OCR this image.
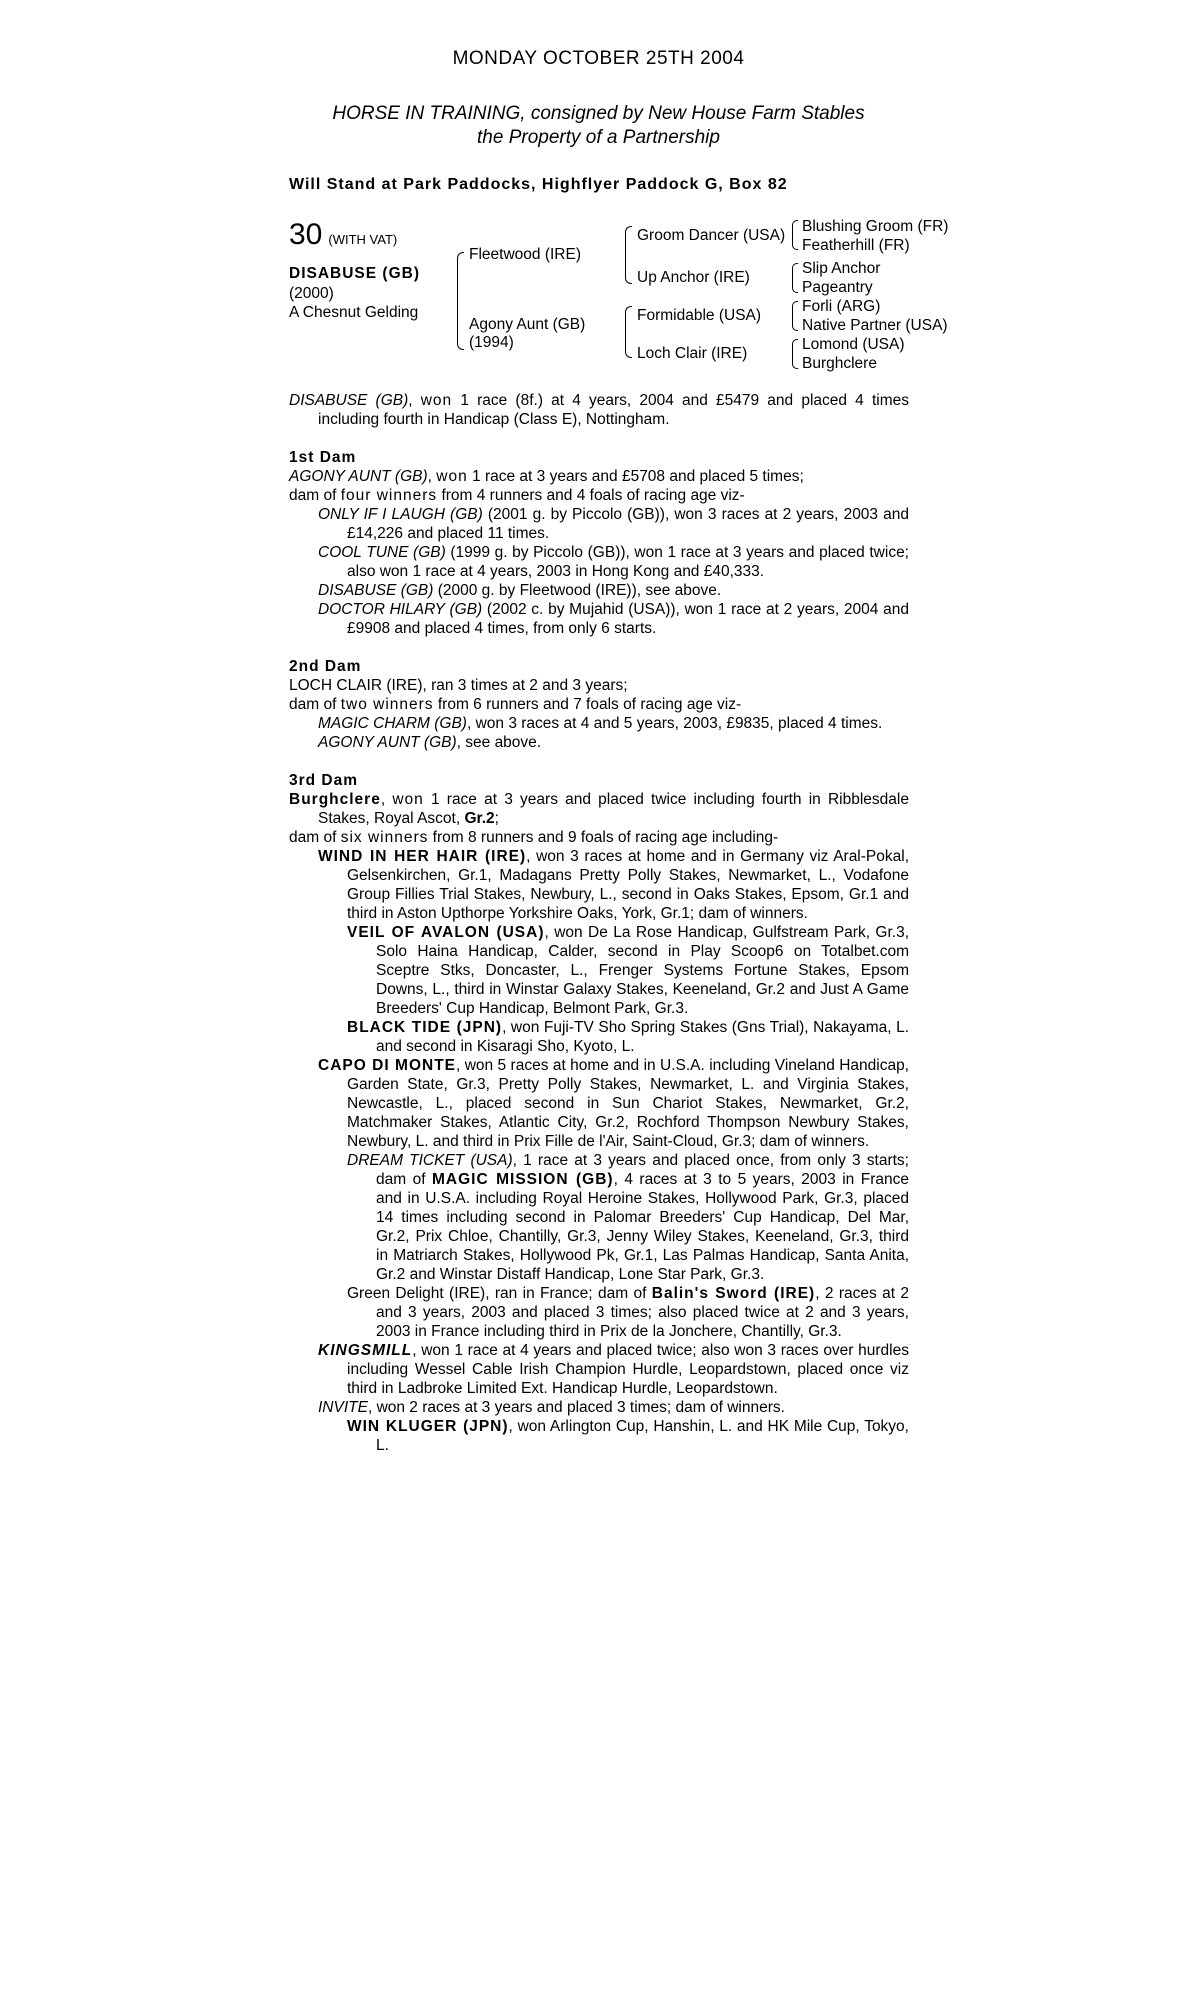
MONDAY OCTOBER 25TH 2004
HORSE IN TRAINING, consigned by New House Farm Stables
the Property of a Partnership
Will Stand at Park Paddocks, Highflyer Paddock G, Box 82
30 (WITH VAT)
DISABUSE (GB)
(2000)
A Chesnut Gelding
Fleetwood (IRE)
Agony Aunt (GB)
(1994)
Groom Dancer (USA)
Up Anchor (IRE)
Formidable (USA)
Loch Clair (IRE)
Blushing Groom (FR)
Featherhill (FR)
Slip Anchor
Pageantry
Forli (ARG)
Native Partner (USA)
Lomond (USA)
Burghclere

DISABUSE (GB), won 1 race (8f.) at 4 years, 2004 and £5479 and placed 4 times including fourth in Handicap (Class E), Nottingham.

1st Dam

AGONY AUNT (GB), won 1 race at 3 years and £5708 and placed 5 times;

dam of four winners from 4 runners and 4 foals of racing age viz-

ONLY IF I LAUGH (GB) (2001 g. by Piccolo (GB)), won 3 races at 2 years, 2003 and £14,226 and placed 11 times.

COOL TUNE (GB) (1999 g. by Piccolo (GB)), won 1 race at 3 years and placed twice; also won 1 race at 4 years, 2003 in Hong Kong and £40,333.

DISABUSE (GB) (2000 g. by Fleetwood (IRE)), see above.

DOCTOR HILARY (GB) (2002 c. by Mujahid (USA)), won 1 race at 2 years, 2004 and £9908 and placed 4 times, from only 6 starts.

2nd Dam

LOCH CLAIR (IRE), ran 3 times at 2 and 3 years;

dam of two winners from 6 runners and 7 foals of racing age viz-

MAGIC CHARM (GB), won 3 races at 4 and 5 years, 2003, £9835, placed 4 times.

AGONY AUNT (GB), see above.

3rd Dam

Burghclere, won 1 race at 3 years and placed twice including fourth in Ribblesdale Stakes, Royal Ascot, Gr.2;

dam of six winners from 8 runners and 9 foals of racing age including-

WIND IN HER HAIR (IRE), won 3 races at home and in Germany viz Aral-Pokal, Gelsenkirchen, Gr.1, Madagans Pretty Polly Stakes, Newmarket, L., Vodafone Group Fillies Trial Stakes, Newbury, L., second in Oaks Stakes, Epsom, Gr.1 and third in Aston Upthorpe Yorkshire Oaks, York, Gr.1; dam of winners.

VEIL OF AVALON (USA), won De La Rose Handicap, Gulfstream Park, Gr.3, Solo Haina Handicap, Calder, second in Play Scoop6 on Totalbet.com Sceptre Stks, Doncaster, L., Frenger Systems Fortune Stakes, Epsom Downs, L., third in Winstar Galaxy Stakes, Keeneland, Gr.2 and Just A Game Breeders' Cup Handicap, Belmont Park, Gr.3.

BLACK TIDE (JPN), won Fuji-TV Sho Spring Stakes (Gns Trial), Nakayama, L. and second in Kisaragi Sho, Kyoto, L.

CAPO DI MONTE, won 5 races at home and in U.S.A. including Vineland Handicap, Garden State, Gr.3, Pretty Polly Stakes, Newmarket, L. and Virginia Stakes, Newcastle, L., placed second in Sun Chariot Stakes, Newmarket, Gr.2, Matchmaker Stakes, Atlantic City, Gr.2, Rochford Thompson Newbury Stakes, Newbury, L. and third in Prix Fille de l'Air, Saint-Cloud, Gr.3; dam of winners.

DREAM TICKET (USA), 1 race at 3 years and placed once, from only 3 starts; dam of MAGIC MISSION (GB), 4 races at 3 to 5 years, 2003 in France and in U.S.A. including Royal Heroine Stakes, Hollywood Park, Gr.3, placed 14 times including second in Palomar Breeders' Cup Handicap, Del Mar, Gr.2, Prix Chloe, Chantilly, Gr.3, Jenny Wiley Stakes, Keeneland, Gr.3, third in Matriarch Stakes, Hollywood Pk, Gr.1, Las Palmas Handicap, Santa Anita, Gr.2 and Winstar Distaff Handicap, Lone Star Park, Gr.3.

Green Delight (IRE), ran in France; dam of Balin's Sword (IRE), 2 races at 2 and 3 years, 2003 and placed 3 times; also placed twice at 2 and 3 years, 2003 in France including third in Prix de la Jonchere, Chantilly, Gr.3.

KINGSMILL, won 1 race at 4 years and placed twice; also won 3 races over hurdles including Wessel Cable Irish Champion Hurdle, Leopardstown, placed once viz third in Ladbroke Limited Ext. Handicap Hurdle, Leopardstown.

INVITE, won 2 races at 3 years and placed 3 times; dam of winners.

WIN KLUGER (JPN), won Arlington Cup, Hanshin, L. and HK Mile Cup, Tokyo, L.
